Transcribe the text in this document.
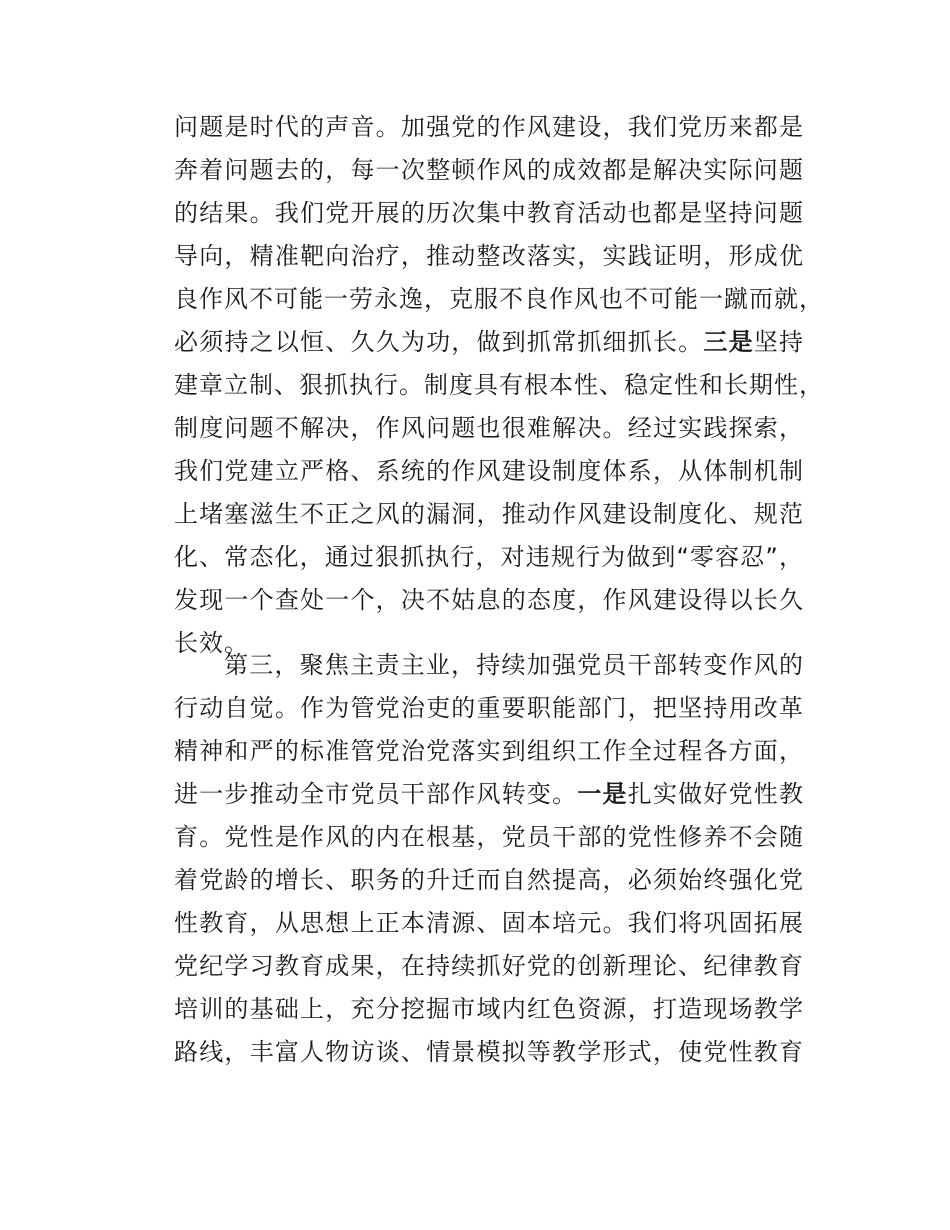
问题是时代的声音。加强党的作风建设，我们党历来都是
奔着问题去的，每一次整顿作风的成效都是解决实际问题
的结果。我们党开展的历次集中教育活动也都是坚持问题
导向，精准靶向治疗，推动整改落实，实践证明，形成优
良作风不可能一劳永逸，克服不良作风也不可能一蹴而就，
必须持之以恒、久久为功，做到抓常抓细抓长。三是坚持
建章立制、狠抓执行。制度具有根本性、稳定性和长期性，
制度问题不解决，作风问题也很难解决。经过实践探索，
我们党建立严格、系统的作风建设制度体系，从体制机制
上堵塞滋生不正之风的漏洞，推动作风建设制度化、规范
化、常态化，通过狠抓执行，对违规行为做到“零容忍”，
发现一个查处一个，决不姑息的态度，作风建设得以长久
长效。
第三，聚焦主责主业，持续加强党员干部转变作风的
行动自觉。作为管党治吏的重要职能部门，把坚持用改革
精神和严的标准管党治党落实到组织工作全过程各方面，
进一步推动全市党员干部作风转变。一是扎实做好党性教
育。党性是作风的内在根基，党员干部的党性修养不会随
着党龄的增长、职务的升迁而自然提高，必须始终强化党
性教育，从思想上正本清源、固本培元。我们将巩固拓展
党纪学习教育成果，在持续抓好党的创新理论、纪律教育
培训的基础上，充分挖掘市域内红色资源，打造现场教学
路线，丰富人物访谈、情景模拟等教学形式，使党性教育
